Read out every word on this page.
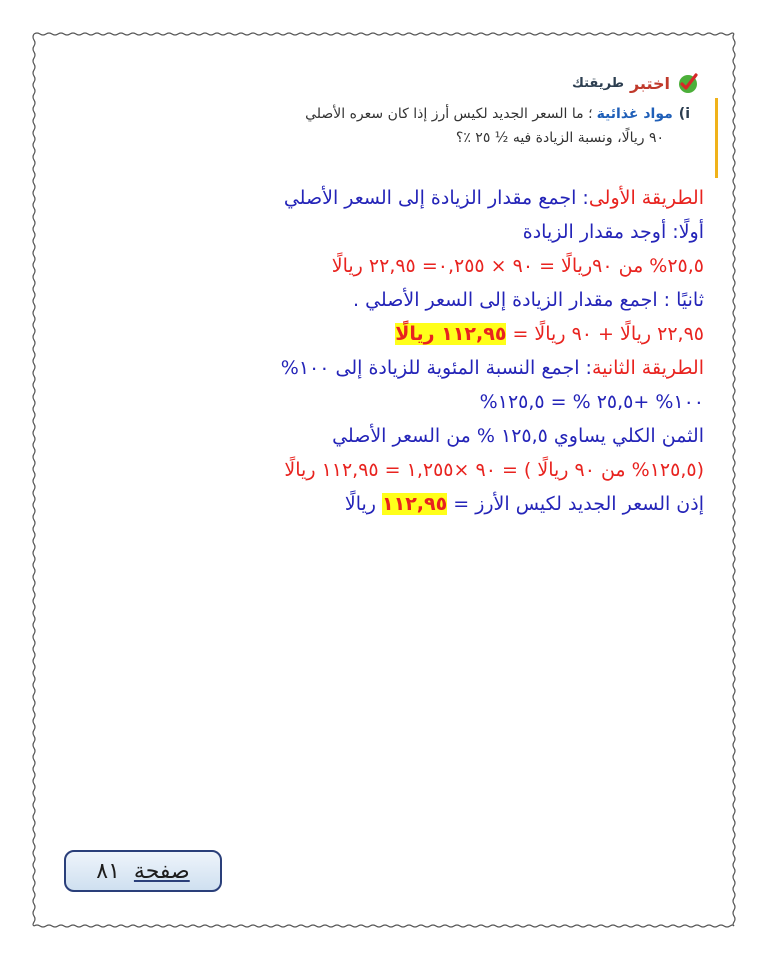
اختبر
طريقتك
i)مواد غذائية؛ ما السعر الجديد لكيس أرز إذا كان سعره الأصلي
٩٠ ريالًا، ونسبة الزيادة فيه ½ ٢٥ ٪؟
الطريقة الأولى: اجمع مقدار الزيادة إلى السعر الأصلي
أولًا: أوجد مقدار الزيادة
٢٥,٥% من ٩٠ريالًا = ٩٠ × ٠,٢٥٥= ٢٢,٩٥ ريالًا
ثانيًا : اجمع مقدار الزيادة إلى السعر الأصلي .
٢٢,٩٥ ريالًا + ٩٠ ريالًا = ١١٢,٩٥ ريالًا
الطريقة الثانية: اجمع النسبة المئوية للزيادة إلى ١٠٠%
١٠٠% +٢٥,٥ % = ١٢٥,٥%
الثمن الكلي يساوي ١٢٥,٥ % من السعر الأصلي
(١٢٥,٥% من ٩٠ ريالًا ) = ٩٠ ×١,٢٥٥ = ١١٢,٩٥ ريالًا
إذن السعر الجديد لكيس الأرز = ١١٢,٩٥ ريالًا
صفحة
٨١
